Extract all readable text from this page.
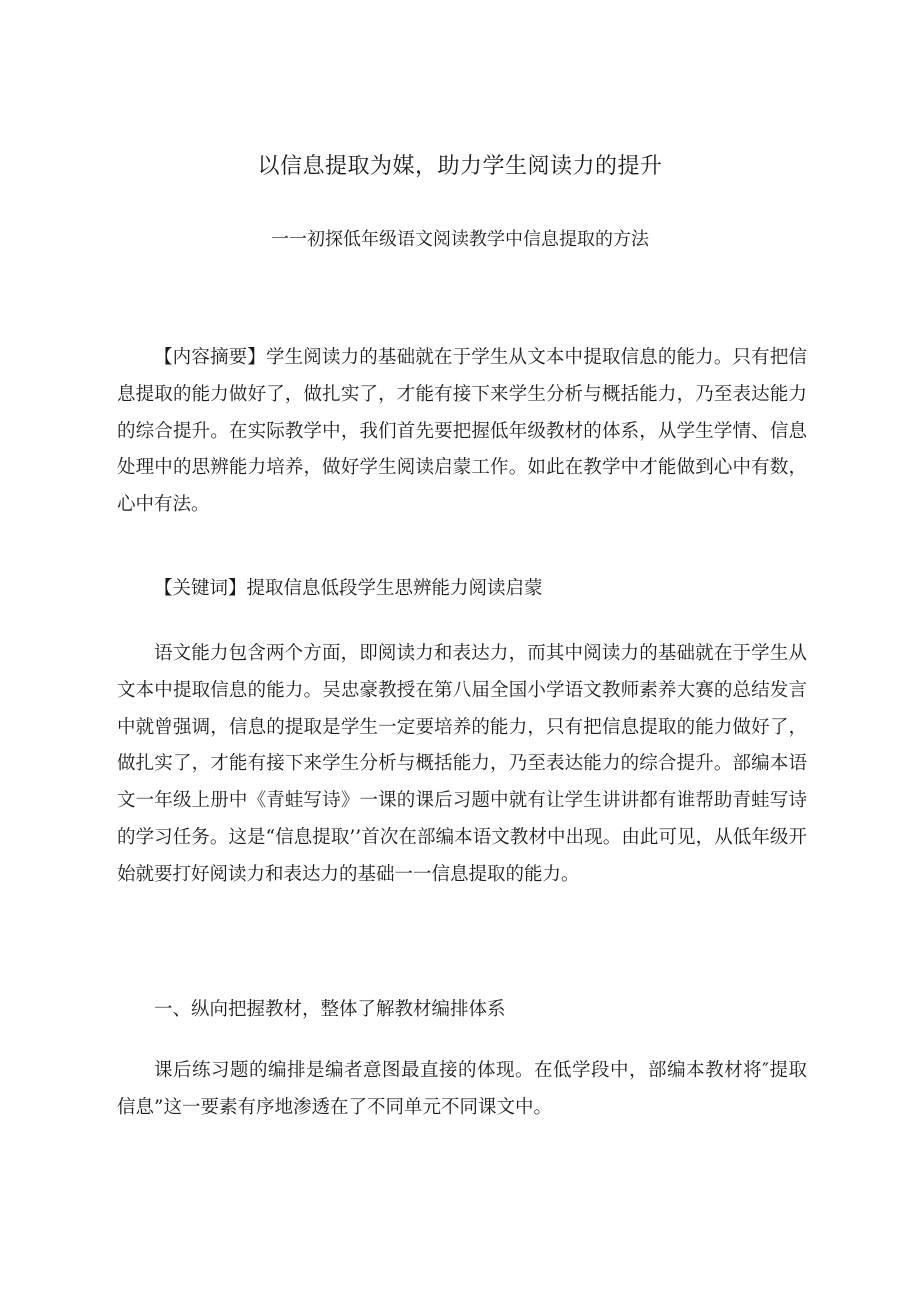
以信息提取为媒，助力学生阅读力的提升
一一初探低年级语文阅读教学中信息提取的方法

【内容摘要】学生阅读力的基础就在于学生从文本中提取信息的能力。只有把信息提取的能力做好了，做扎实了，才能有接下来学生分析与概括能力，乃至表达能力的综合提升。在实际教学中，我们首先要把握低年级教材的体系，从学生学情、信息处理中的思辨能力培养，做好学生阅读启蒙工作。如此在教学中才能做到心中有数，心中有法。

【关键词】提取信息低段学生思辨能力阅读启蒙

语文能力包含两个方面，即阅读力和表达力，而其中阅读力的基础就在于学生从文本中提取信息的能力。吴忠豪教授在第八届全国小学语文教师素养大赛的总结发言中就曾强调，信息的提取是学生一定要培养的能力，只有把信息提取的能力做好了，做扎实了，才能有接下来学生分析与概括能力，乃至表达能力的综合提升。部编本语文一年级上册中《青蛙写诗》一课的课后习题中就有让学生讲讲都有谁帮助青蛙写诗的学习任务。这是“信息提取’’首次在部编本语文教材中出现。由此可见，从低年级开始就要打好阅读力和表达力的基础一一信息提取的能力。

一、纵向把握教材，整体了解教材编排体系

课后练习题的编排是编者意图最直接的体现。在低学段中，部编本教材将″提取信息”这一要素有序地渗透在了不同单元不同课文中。
